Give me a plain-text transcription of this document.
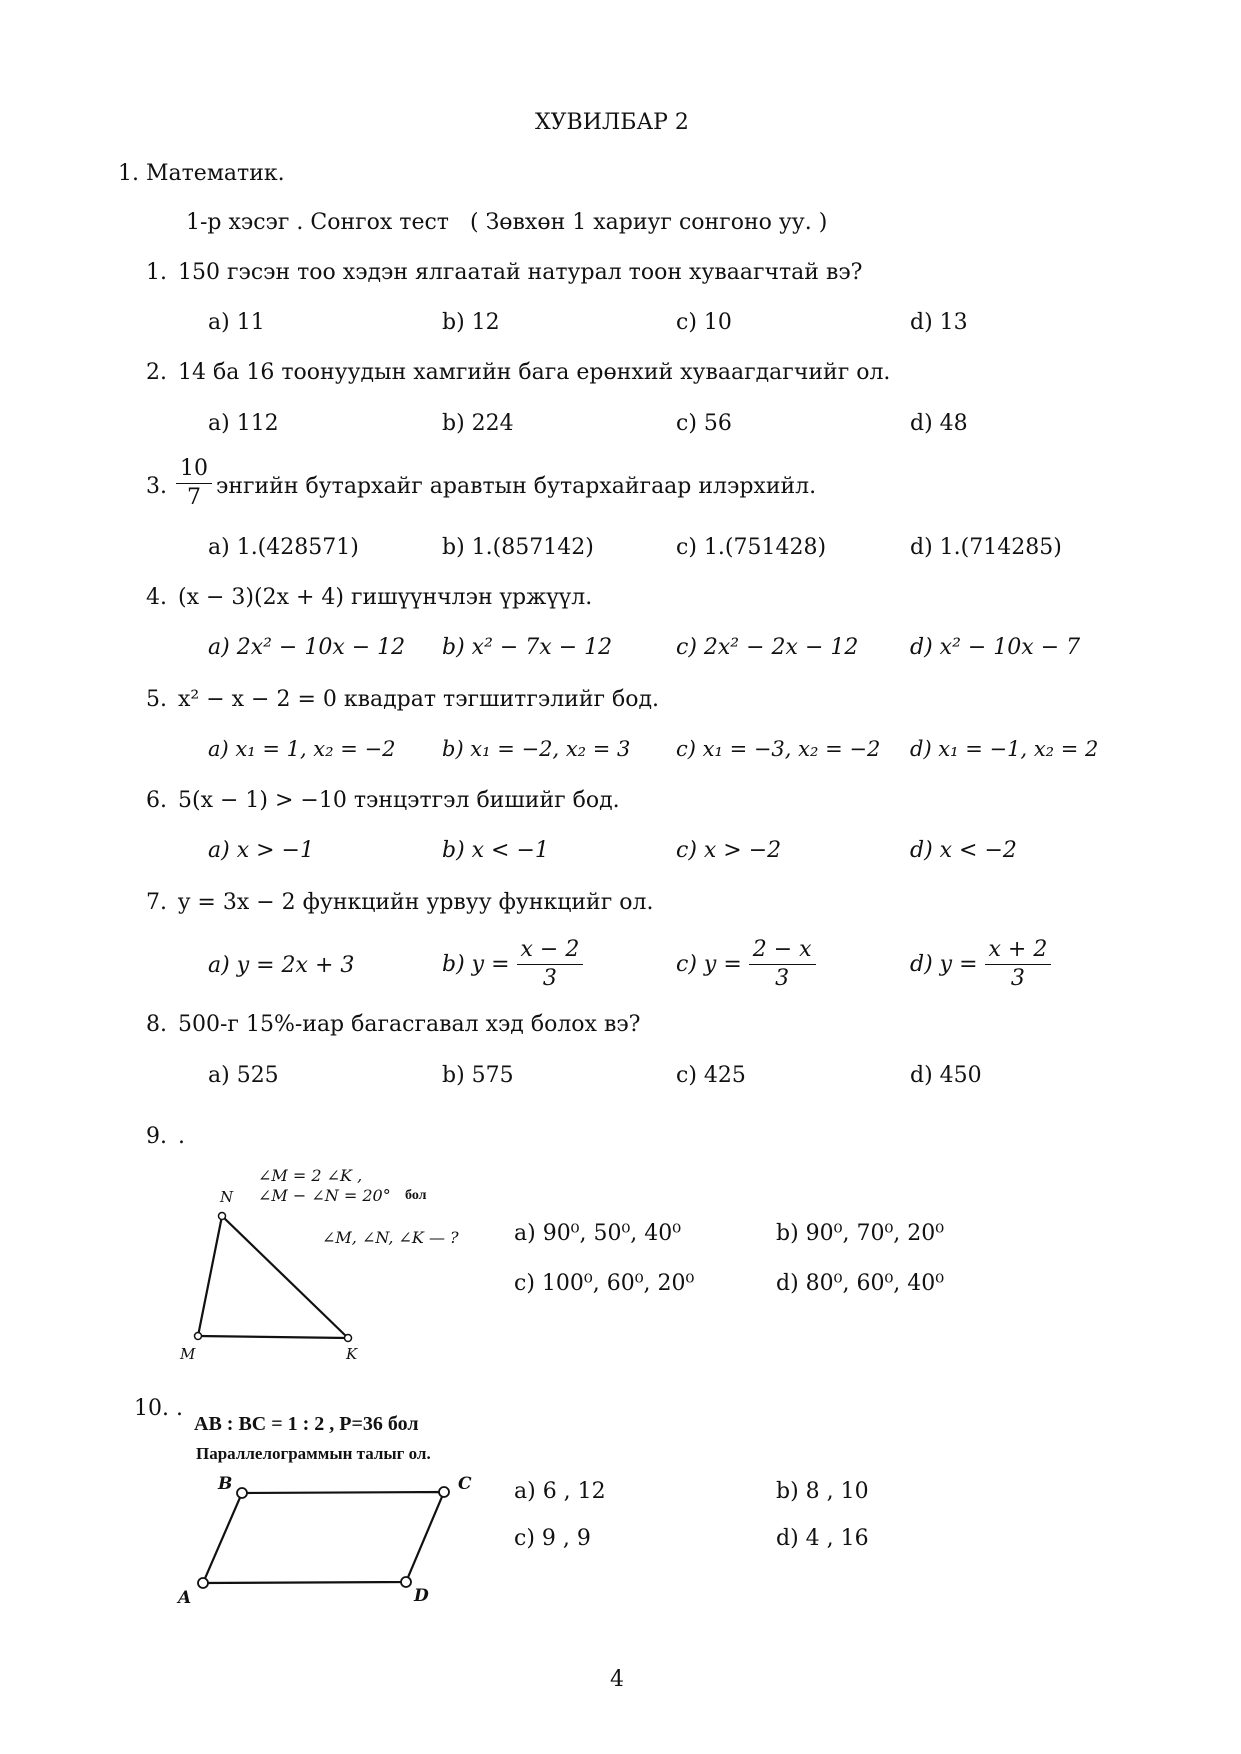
ХУВИЛБАР 2
1. Математик.
1-р хэсэг . Сонгох тест ( Зөвхөн 1 хариуг сонгоно уу. )
1. 150 гэсэн тоо хэдэн ялгаатай натурал тоон хуваагчтай вэ?
a) 11	b) 12	c) 10	d) 13
2. 14 ба 16 тоонуудын хамгийн бага ерөнхий хуваагдагчийг ол.
a) 112	b) 224	c) 56	d) 48
3. $\frac{10}{7}$ энгийн бутархайг аравтын бутархайгаар илэрхийл.
a) 1.(428571)	b) 1.(857142)	c) 1.(751428)	d) 1.(714285)
4. (x − 3)(2x + 4) гишүүнчлэн үржүүл.
a) 2x² − 10x − 12 b) x² − 7x − 12	c) 2x² − 2x − 12 d) x² − 10x − 7
5. x² − x − 2 = 0 квадрат тэгшитгэлийг бод.
a) x₁ = 1, x₂ = −2 b) x₁ = −2, x₂ = 3 c) x₁ = −3, x₂ = −2 d) x₁ = −1, x₂ = 2
6. 5(x − 1) > −10 тэнцэтгэл бишийг бод.
a) x > −1	b) x < −1	c) x > −2	d) x < −2
7. y = 3x − 2 функцийн урвуу функцийг ол.
a) y = 2x + 3	b) $y = \frac{x - 2}{3}$	c) $y = \frac{2 - x}{3}$	d) $y = \frac{x + 2}{3}$
8. 500-г 15%-иар багасгавал хэд болох вэ?
a) 525	b) 575	c) 425	d) 450
9. .
∠M = 2 ∠K ,
∠M − ∠N = 20° бол
∠M, ∠N, ∠K — ?
N
M	K
a) 90⁰, 50⁰, 40⁰	b) 90⁰, 70⁰, 20⁰
c) 100⁰, 60⁰, 20⁰	d) 80⁰, 60⁰, 40⁰
10. .
AB : BC = 1 : 2 , P=36 бол
Параллелограммын талыг ол.
B	C
A	D
a) 6 , 12	b) 8 , 10
c) 9 , 9	d) 4 , 16
4
